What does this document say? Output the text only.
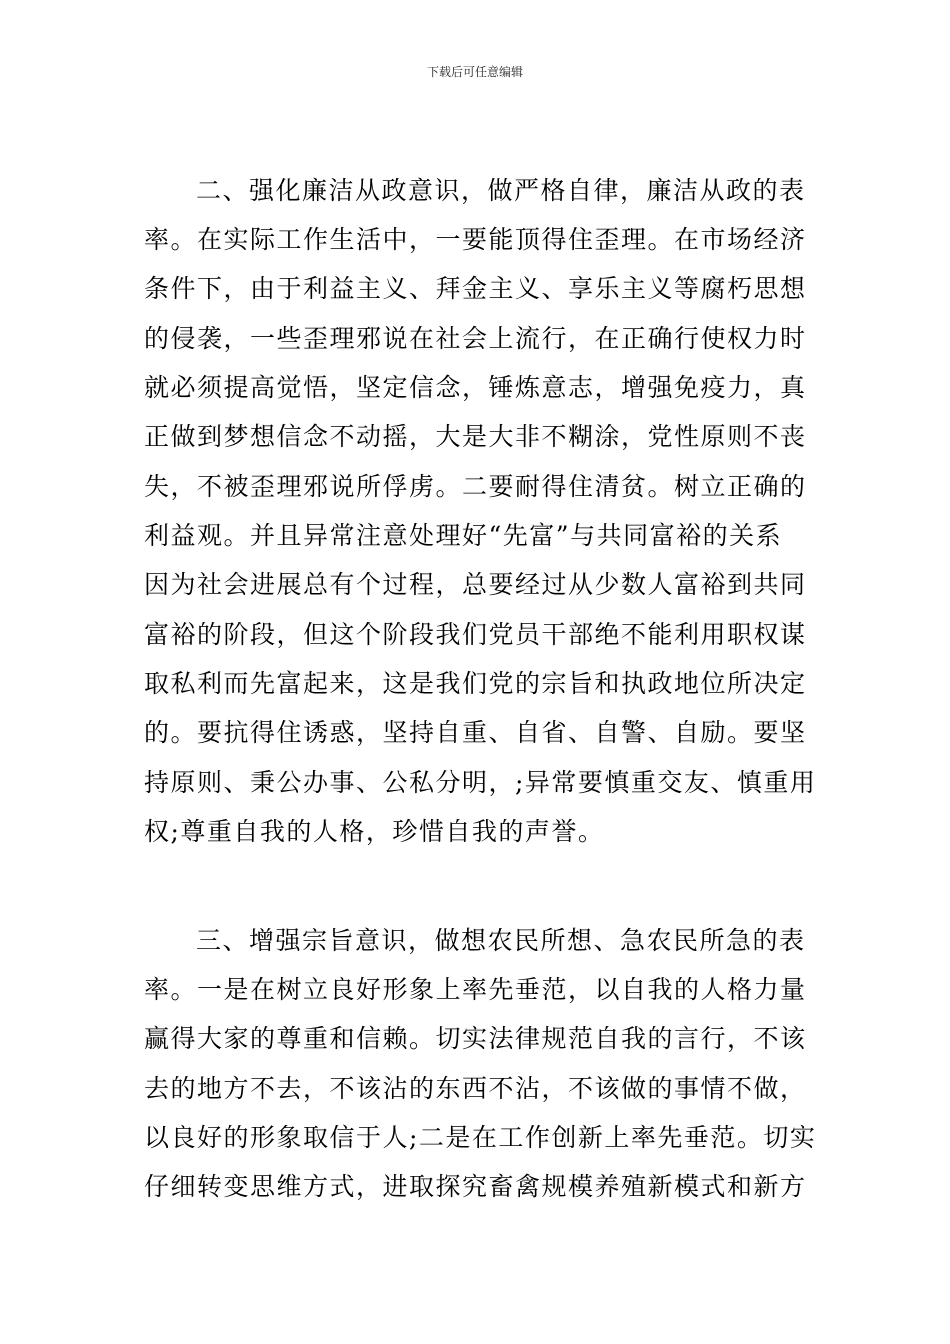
下载后可任意编辑
二、强化廉洁从政意识，做严格自律，廉洁从政的表
率。在实际工作生活中，一要能顶得住歪理。在市场经济
条件下，由于利益主义、拜金主义、享乐主义等腐朽思想
的侵袭，一些歪理邪说在社会上流行，在正确行使权力时
就必须提高觉悟，坚定信念，锤炼意志，增强免疫力，真
正做到梦想信念不动摇，大是大非不糊涂，党性原则不丧
失，不被歪理邪说所俘虏。二要耐得住清贫。树立正确的
利益观。并且异常注意处理好“先富”与共同富裕的关系
因为社会进展总有个过程，总要经过从少数人富裕到共同
富裕的阶段，但这个阶段我们党员干部绝不能利用职权谋
取私利而先富起来，这是我们党的宗旨和执政地位所决定
的。要抗得住诱惑，坚持自重、自省、自警、自励。要坚
持原则、秉公办事、公私分明，;异常要慎重交友、慎重用
权;尊重自我的人格，珍惜自我的声誉。
三、增强宗旨意识，做想农民所想、急农民所急的表
率。一是在树立良好形象上率先垂范，以自我的人格力量
赢得大家的尊重和信赖。切实法律规范自我的言行，不该
去的地方不去，不该沾的东西不沾，不该做的事情不做，
以良好的形象取信于人;二是在工作创新上率先垂范。切实
仔细转变思维方式，进取探究畜禽规模养殖新模式和新方
